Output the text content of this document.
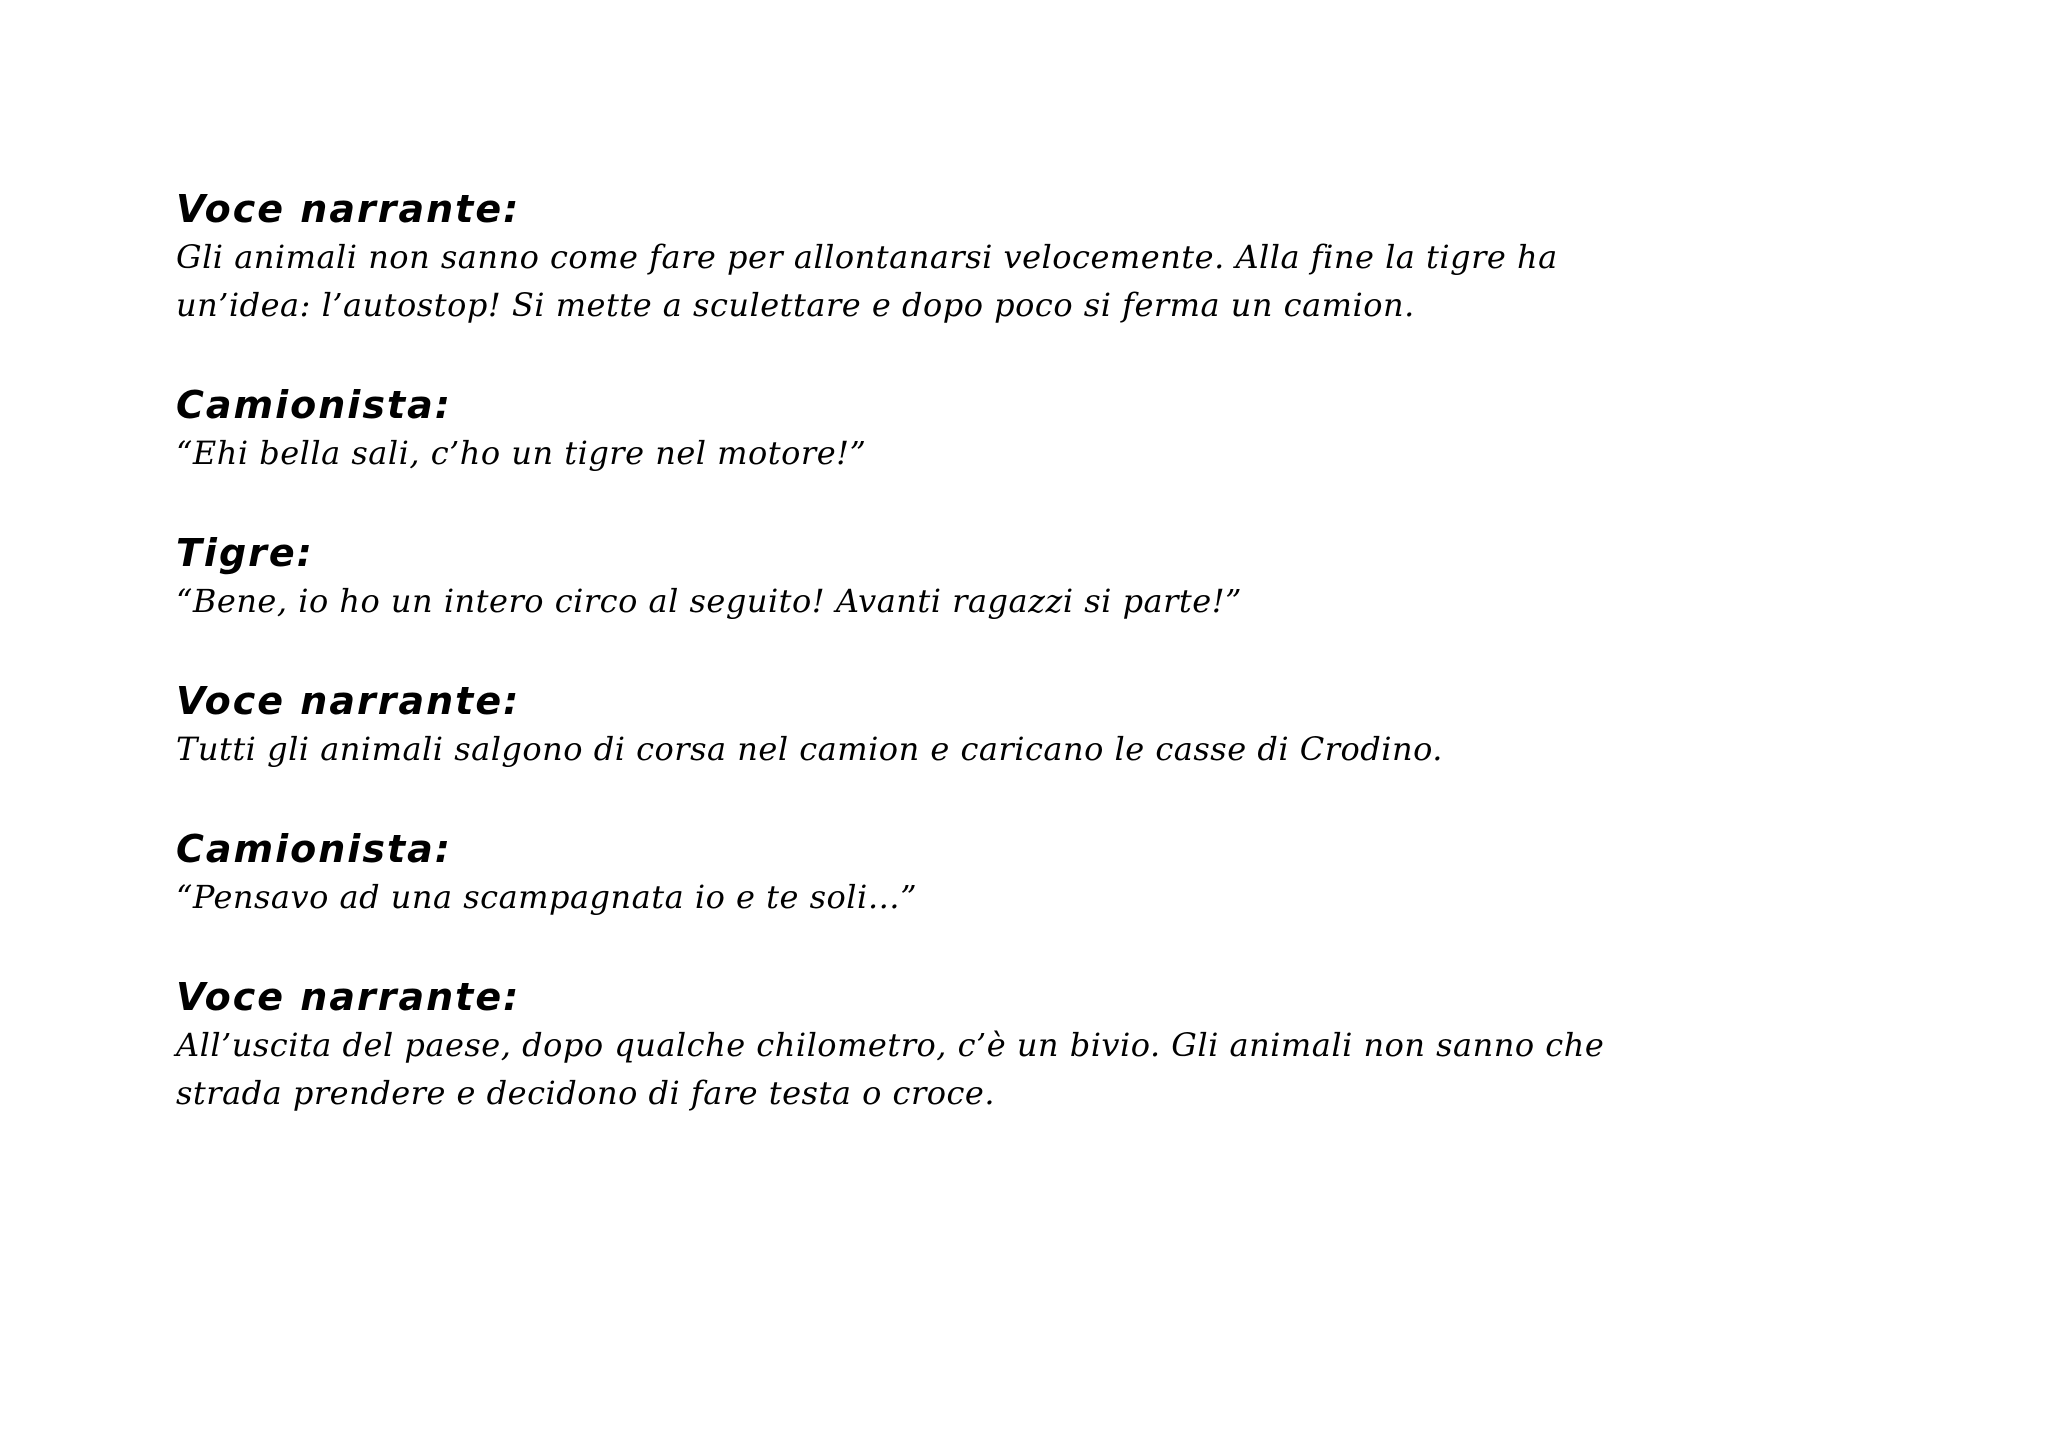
Voce narrante:

Gli animali non sanno come fare per allontanarsi velocemente. Alla fine la tigre ha
un’idea: l’autostop! Si mette a sculettare e dopo poco si ferma un camion.

Camionista:

“Ehi bella sali, c’ho un tigre nel motore!”

Tigre:

“Bene, io ho un intero circo al seguito! Avanti ragazzi si parte!”

Voce narrante:

Tutti gli animali salgono di corsa nel camion e caricano le casse di Crodino.

Camionista:

“Pensavo ad una scampagnata io e te soli…”

Voce narrante:

All’uscita del paese, dopo qualche chilometro, c’è un bivio. Gli animali non sanno che
strada prendere e decidono di fare testa o croce.
